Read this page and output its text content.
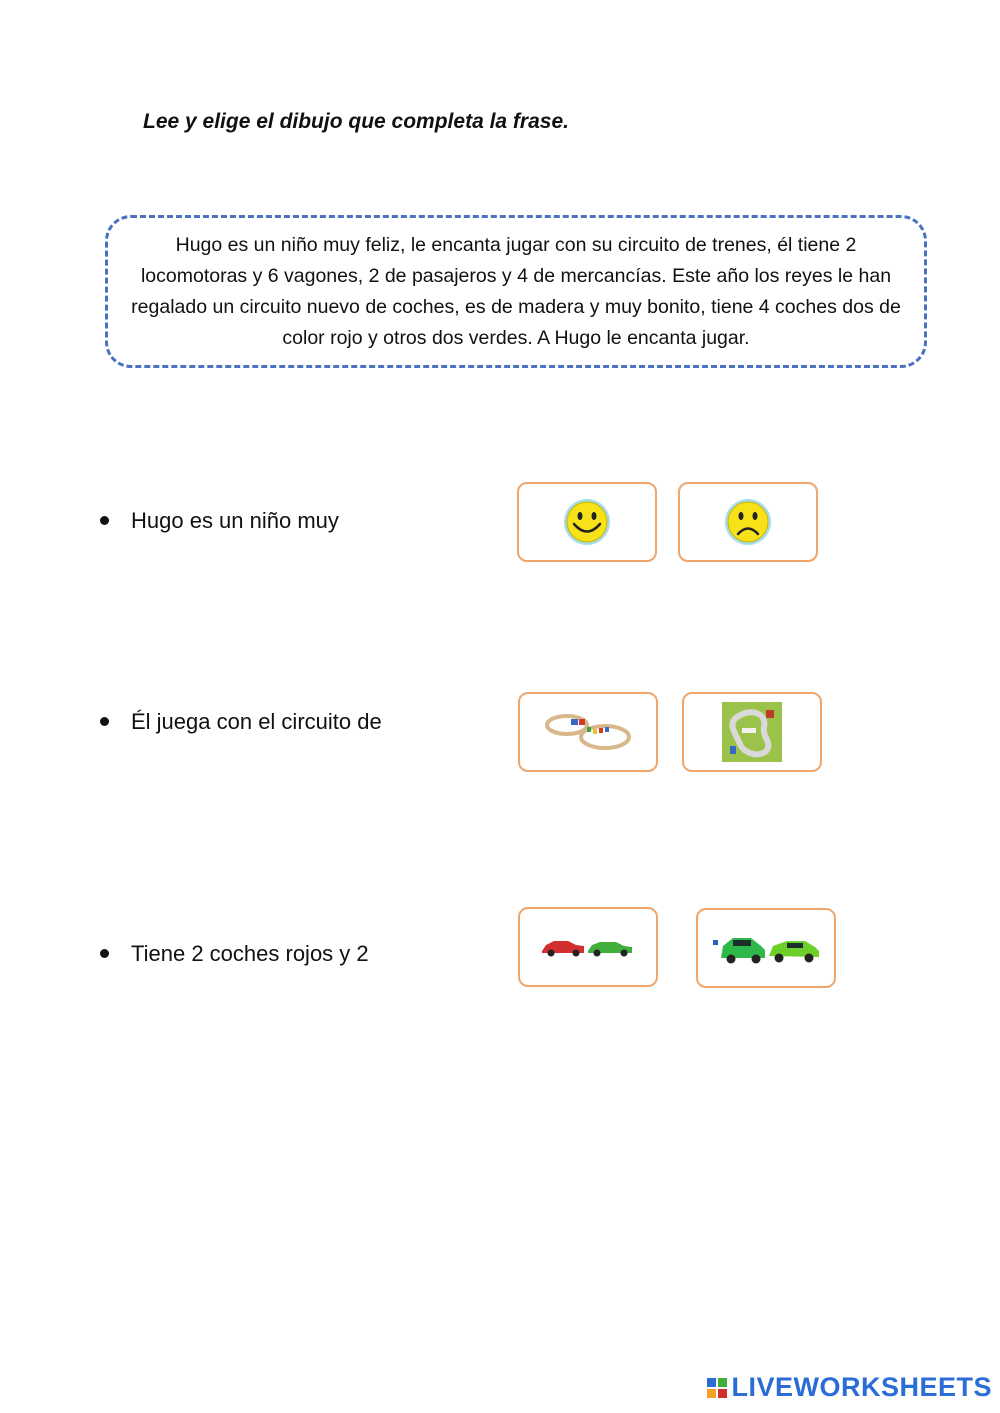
Lee y elige el dibujo que completa la frase.
Hugo es un niño muy feliz, le encanta jugar con su circuito de trenes, él tiene 2 locomotoras y 6 vagones, 2 de pasajeros y 4 de mercancías. Este año los reyes le han regalado un circuito nuevo de coches, es de madera y muy bonito, tiene 4 coches dos de color rojo y otros dos verdes. A Hugo le encanta jugar.
Hugo es un niño muy
Él juega con el circuito de
Tiene 2 coches rojos y 2
LIVEWORKSHEETS
